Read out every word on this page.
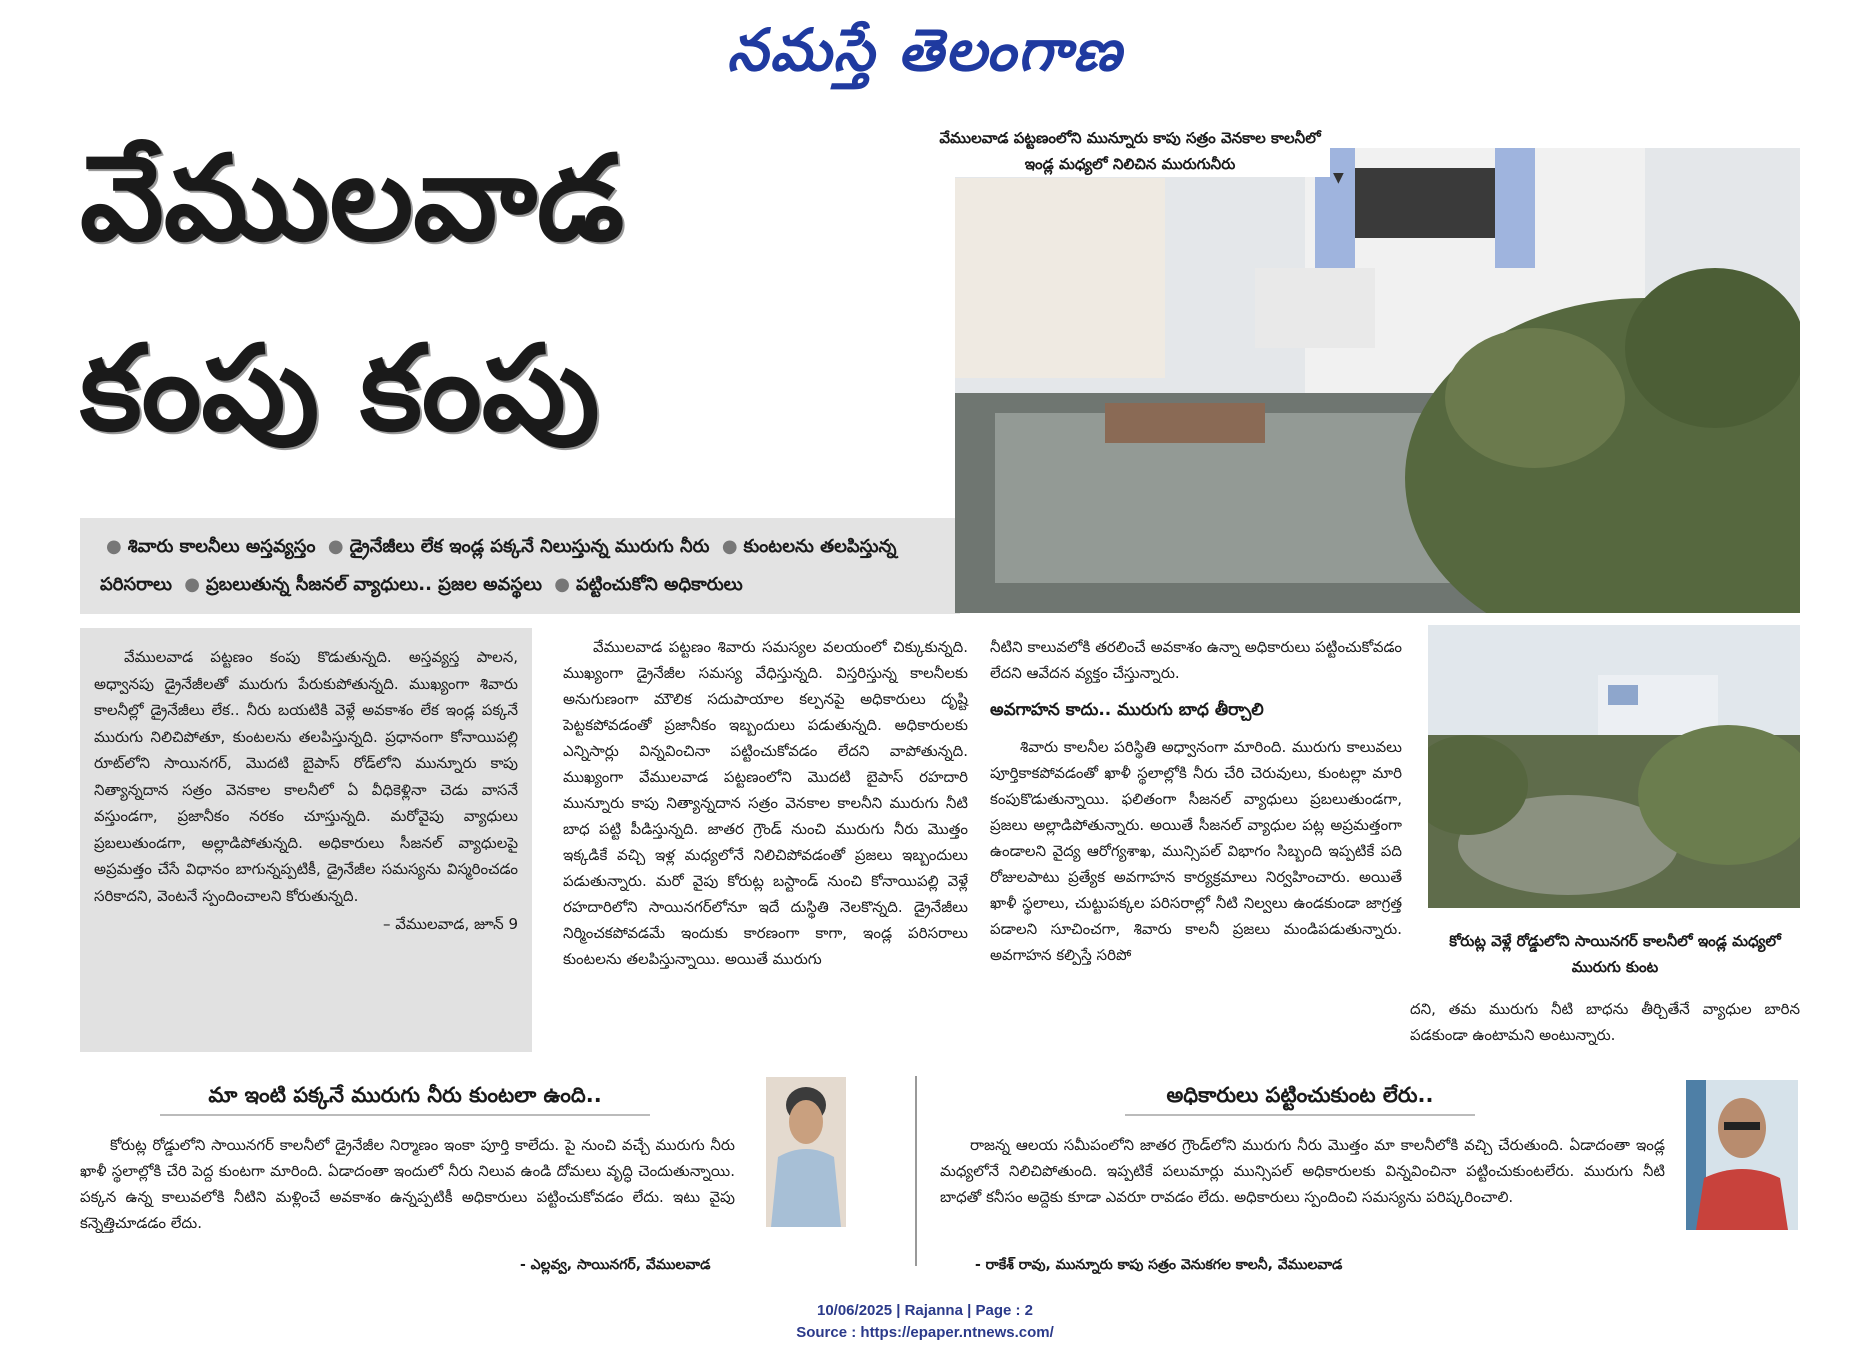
నమస్తే తెలంగాణ
వేములవాడ
కంపు కంపు
● శివారు కాలనీలు అస్తవ్యస్తం ● డ్రైనేజీలు లేక ఇండ్ల పక్కనే నిలుస్తున్న మురుగు నీరు ● కుంటలను తలపిస్తున్న పరిసరాలు ● ప్రబలుతున్న సీజనల్ వ్యాధులు.. ప్రజల అవస్థలు ● పట్టించుకోని అధికారులు
వేములవాడ పట్టణంలోని మున్నూరు కాపు సత్రం వెనకాల కాలనీలో ఇండ్ల మధ్యలో నిలిచిన మురుగునీరు
▼
కోరుట్ల వెళ్లే రోడ్డులోని సాయినగర్ కాలనీలో ఇండ్ల మధ్యలో మురుగు కుంట

వేములవాడ పట్టణం కంపు కొడుతున్నది. అస్తవ్యస్త పాలన, అధ్వానపు డ్రైనేజీలతో మురుగు పేరుకుపోతున్నది. ముఖ్యంగా శివారు కాలనీల్లో డ్రైనేజీలు లేక.. నీరు బయటికి వెళ్లే అవకాశం లేక ఇండ్ల పక్కనే మురుగు నిలిచిపోతూ, కుంటలను తలపిస్తున్నది. ప్రధానంగా కోనాయిపల్లి రూట్‌లోని సాయినగర్, మొదటి బైపాస్ రోడ్‌లోని మున్నూరు కాపు నిత్యాన్నదాన సత్రం వెనకాల కాలనీలో ఏ వీధికెళ్లినా చెడు వాసనే వస్తుండగా, ప్రజానీకం నరకం చూస్తున్నది. మరోవైపు వ్యాధులు ప్రబలుతుండగా, అల్లాడిపోతున్నది. అధికారులు సీజనల్ వ్యాధులపై అప్రమత్తం చేసే విధానం బాగున్నప్పటికీ, డ్రైనేజీల సమస్యను విస్మరించడం సరికాదని, వెంటనే స్పందించాలని కోరుతున్నది.

– వేములవాడ, జూన్ 9

వేములవాడ పట్టణం శివారు సమస్యల వలయంలో చిక్కుకున్నది. ముఖ్యంగా డ్రైనేజీల సమస్య వేధిస్తున్నది. విస్తరిస్తున్న కాలనీలకు అనుగుణంగా మౌలిక సదుపాయాల కల్పనపై అధికారులు దృష్టి పెట్టకపోవడంతో ప్రజానీకం ఇబ్బందులు పడుతున్నది. అధికారులకు ఎన్నిసార్లు విన్నవించినా పట్టించుకోవడం లేదని వాపోతున్నది. ముఖ్యంగా వేములవాడ పట్టణంలోని మొదటి బైపాస్ రహదారి మున్నూరు కాపు నిత్యాన్నదాన సత్రం వెనకాల కాలనీని మురుగు నీటి బాధ పట్టి పీడిస్తున్నది. జాతర గ్రౌండ్ నుంచి మురుగు నీరు మొత్తం ఇక్కడికే వచ్చి ఇళ్ల మధ్యలోనే నిలిచిపోవడంతో ప్రజలు ఇబ్బందులు పడుతున్నారు. మరో వైపు కోరుట్ల బస్టాండ్ నుంచి కోనాయిపల్లి వెళ్లే రహదారిలోని సాయినగర్‌లోనూ ఇదే దుస్థితి నెలకొన్నది. డ్రైనేజీలు నిర్మించకపోవడమే ఇందుకు కారణంగా కాగా, ఇండ్ల పరిసరాలు కుంటలను తలపిస్తున్నాయి. అయితే మురుగు

నీటిని కాలువలోకి తరలించే అవకాశం ఉన్నా అధికారులు పట్టించుకోవడం లేదని ఆవేదన వ్యక్తం చేస్తున్నారు.

అవగాహన కాదు.. మురుగు బాధ తీర్చాలి

శివారు కాలనీల పరిస్థితి అధ్వానంగా మారింది. మురుగు కాలువలు పూర్తికాకపోవడంతో ఖాళీ స్థలాల్లోకి నీరు చేరి చెరువులు, కుంటల్లా మారి కంపుకొడుతున్నాయి. ఫలితంగా సీజనల్ వ్యాధులు ప్రబలుతుండగా, ప్రజలు అల్లాడిపోతున్నారు. అయితే సీజనల్ వ్యాధుల పట్ల అప్రమత్తంగా ఉండాలని వైద్య ఆరోగ్యశాఖ, మున్సిపల్ విభాగం సిబ్బంది ఇప్పటికే పది రోజులపాటు ప్రత్యేక అవగాహన కార్యక్రమాలు నిర్వహించారు. అయితే ఖాళీ స్థలాలు, చుట్టుపక్కల పరిసరాల్లో నీటి నిల్వలు ఉండకుండా జాగ్రత్త పడాలని సూచించగా, శివారు కాలనీ ప్రజలు మండిపడుతున్నారు. అవగాహన కల్పిస్తే సరిపో

దని, తమ మురుగు నీటి బాధను తీర్చితేనే వ్యాధుల బారిన పడకుండా ఉంటామని అంటున్నారు.
మా ఇంటి పక్కనే మురుగు నీరు కుంటలా ఉంది..
కోరుట్ల రోడ్డులోని సాయినగర్ కాలనీలో డ్రైనేజీల నిర్మాణం ఇంకా పూర్తి కాలేదు. పై నుంచి వచ్చే మురుగు నీరు ఖాళీ స్థలాల్లోకి చేరి పెద్ద కుంటగా మారింది. ఏడాదంతా ఇందులో నీరు నిలువ ఉండి దోమలు వృద్ధి చెందుతున్నాయి. పక్కన ఉన్న కాలువలోకి నీటిని మళ్లించే అవకాశం ఉన్నప్పటికీ అధికారులు పట్టించుకోవడం లేదు. ఇటు వైపు కన్నెత్తిచూడడం లేదు.
- ఎల్లవ్వ, సాయినగర్, వేములవాడ
అధికారులు పట్టించుకుంట లేరు..
రాజన్న ఆలయ సమీపంలోని జాతర గ్రౌండ్‌లోని మురుగు నీరు మొత్తం మా కాలనీలోకి వచ్చి చేరుతుంది. ఏడాదంతా ఇండ్ల మధ్యలోనే నిలిచిపోతుంది. ఇప్పటికే పలుమార్లు మున్సిపల్ అధికారులకు విన్నవించినా పట్టించుకుంటలేరు. మురుగు నీటి బాధతో కనీసం అద్దెకు కూడా ఎవరూ రావడం లేదు. అధికారులు స్పందించి సమస్యను పరిష్కరించాలి.
- రాకేశ్ రావు, మున్నూరు కాపు సత్రం వెనుకగల కాలనీ, వేములవాడ
10/06/2025 | Rajanna | Page : 2
Source : https://epaper.ntnews.com/
